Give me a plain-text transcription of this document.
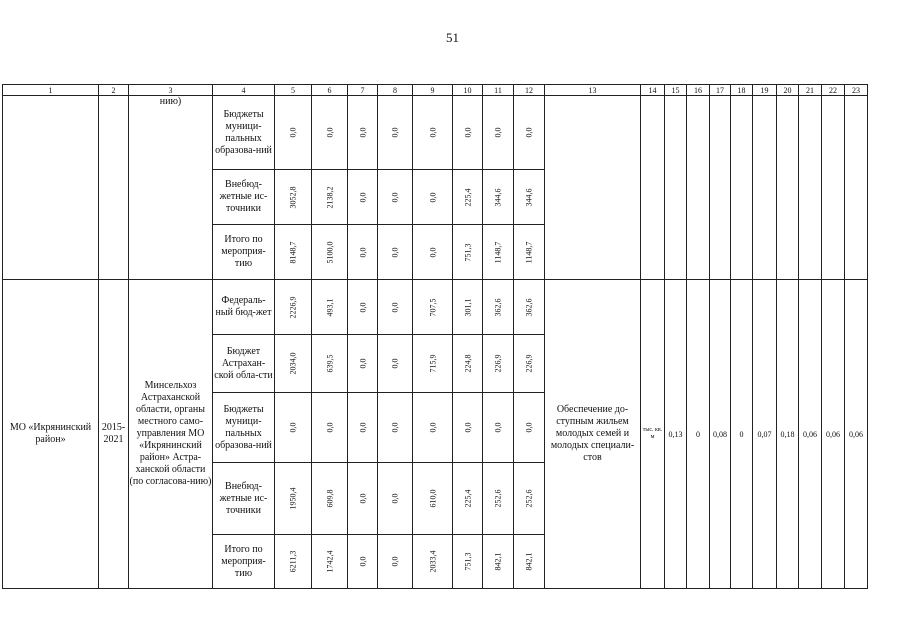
51
1	2	3	4	5	6	7	8	9	10	11	12	13	14	15	16	17	18	19	20	21	22	23
		нию)	Бюджеты муници-пальных образова-ний	0,0	0,0	0,0	0,0	0,0	0,0	0,0	0,0											
			Внебюд-жетные ис-точники	3052,8	2138,2	0,0	0,0	0,0	225,4	344,6	344,6											
			Итого по мероприя-тию	8148,7	5100,0	0,0	0,0	0,0	751,3	1148,7	1148,7											
МО «Икрянинский район»	2015-2021	Минсельхоз Астраханской области, органы местного само-управления МО «Икрянинский район» Астра-ханской области (по согласова-нию)	Федераль-ный бюд-жет	2226,9	493,1	0,0	0,0	707,5	301,1	362,6	362,6	Обеспечение до-ступным жильем молодых семей и молодых специали-стов	тыс. кв. м	0,13	0	0,08	0	0,07	0,18	0,06	0,06	0,06
			Бюджет Астрахан-ской обла-сти	2034,0	639,5	0,0	0,0	715,9	224,8	226,9	226,9											
			Бюджеты муници-пальных образова-ний	0,0	0,0	0,0	0,0	0,0	0,0	0,0	0,0											
			Внебюд-жетные ис-точники	1950,4	609,8	0,0	0,0	610,0	225,4	252,6	252,6											
			Итого по мероприя-тию	6211,3	1742,4	0,0	0,0	2033,4	751,3	842,1	842,1											
